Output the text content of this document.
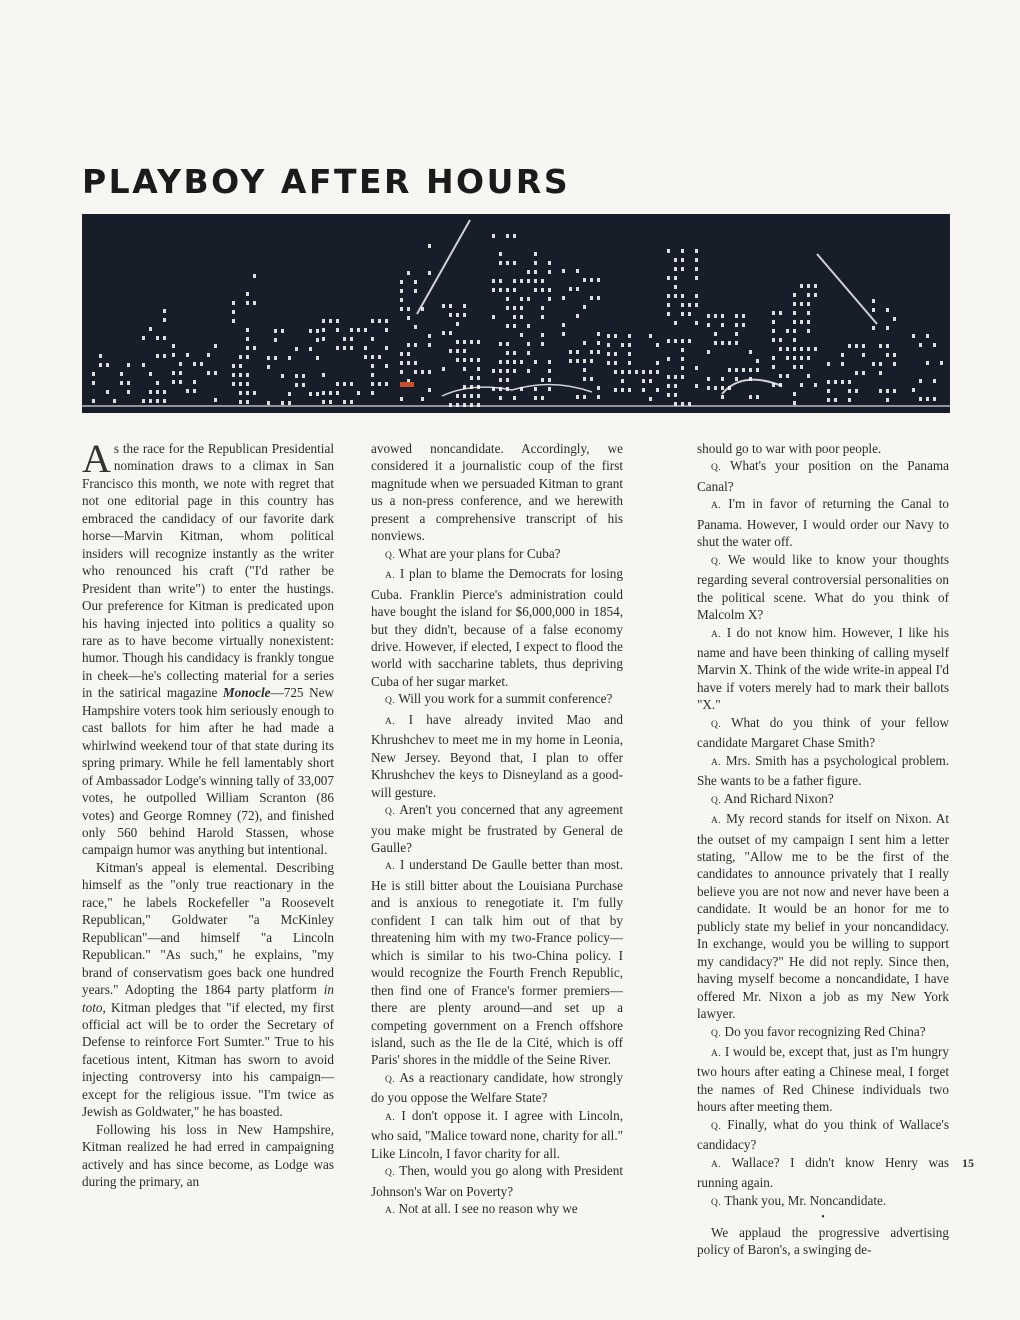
PLAYBOY AFTER HOURS

As the race for the Republican Presidential nomination draws to a climax in San Francisco this month, we note with regret that not one editorial page in this country has embraced the candidacy of our favorite dark horse—Marvin Kitman, whom political insiders will recognize instantly as the writer who renounced his craft ("I'd rather be President than write") to enter the hustings. Our preference for Kitman is predicated upon his having injected into politics a quality so rare as to have become virtually nonexistent: humor. Though his candidacy is frankly tongue in cheek—he's collecting material for a series in the satirical magazine Monocle—725 New Hampshire voters took him seriously enough to cast ballots for him after he had made a whirlwind weekend tour of that state during its spring primary. While he fell lamentably short of Ambassador Lodge's winning tally of 33,007 votes, he outpolled William Scranton (86 votes) and George Romney (72), and finished only 560 behind Harold Stassen, whose campaign humor was anything but intentional.

Kitman's appeal is elemental. Describing himself as the "only true reactionary in the race," he labels Rockefeller "a Roosevelt Republican," Goldwater "a McKinley Republican"—and himself "a Lincoln Republican." "As such," he explains, "my brand of conservatism goes back one hundred years." Adopting the 1864 party platform in toto, Kitman pledges that "if elected, my first official act will be to order the Secretary of Defense to reinforce Fort Sumter." True to his facetious intent, Kitman has sworn to avoid injecting controversy into his campaign—except for the religious issue. "I'm twice as Jewish as Goldwater," he has boasted.

Following his loss in New Hampshire, Kitman realized he had erred in campaigning actively and has since become, as Lodge was during the primary, an

avowed noncandidate. Accordingly, we considered it a journalistic coup of the first magnitude when we persuaded Kitman to grant us a non-press conference, and we herewith present a comprehensive transcript of his nonviews.

Q. What are your plans for Cuba?

A. I plan to blame the Democrats for losing Cuba. Franklin Pierce's administration could have bought the island for $6,000,000 in 1854, but they didn't, because of a false economy drive. However, if elected, I expect to flood the world with saccharine tablets, thus depriving Cuba of her sugar market.

Q. Will you work for a summit conference?

A. I have already invited Mao and Khrushchev to meet me in my home in Leonia, New Jersey. Beyond that, I plan to offer Khrushchev the keys to Disneyland as a good-will gesture.

Q. Aren't you concerned that any agreement you make might be frustrated by General de Gaulle?

A. I understand De Gaulle better than most. He is still bitter about the Louisiana Purchase and is anxious to renegotiate it. I'm fully confident I can talk him out of that by threatening him with my two-France policy—which is similar to his two-China policy. I would recognize the Fourth French Republic, then find one of France's former premiers—there are plenty around—and set up a competing government on a French offshore island, such as the Ile de la Cité, which is off Paris' shores in the middle of the Seine River.

Q. As a reactionary candidate, how strongly do you oppose the Welfare State?

A. I don't oppose it. I agree with Lincoln, who said, "Malice toward none, charity for all." Like Lincoln, I favor charity for all.

Q. Then, would you go along with President Johnson's War on Poverty?

A. Not at all. I see no reason why we

should go to war with poor people.

Q. What's your position on the Panama Canal?

A. I'm in favor of returning the Canal to Panama. However, I would order our Navy to shut the water off.

Q. We would like to know your thoughts regarding several controversial personalities on the political scene. What do you think of Malcolm X?

A. I do not know him. However, I like his name and have been thinking of calling myself Marvin X. Think of the wide write-in appeal I'd have if voters merely had to mark their ballots "X."

Q. What do you think of your fellow candidate Margaret Chase Smith?

A. Mrs. Smith has a psychological problem. She wants to be a father figure.

Q. And Richard Nixon?

A. My record stands for itself on Nixon. At the outset of my campaign I sent him a letter stating, "Allow me to be the first of the candidates to announce privately that I really believe you are not now and never have been a candidate. It would be an honor for me to publicly state my belief in your noncandidacy. In exchange, would you be willing to support my candidacy?" He did not reply. Since then, having myself become a noncandidate, I have offered Mr. Nixon a job as my New York lawyer.

Q. Do you favor recognizing Red China?

A. I would be, except that, just as I'm hungry two hours after eating a Chinese meal, I forget the names of Red Chinese individuals two hours after meeting them.

Q. Finally, what do you think of Wallace's candidacy?

A. Wallace? I didn't know Henry was running again.

Q. Thank you, Mr. Noncandidate.

•

We applaud the progressive advertising policy of Baron's, a swinging de-

15
